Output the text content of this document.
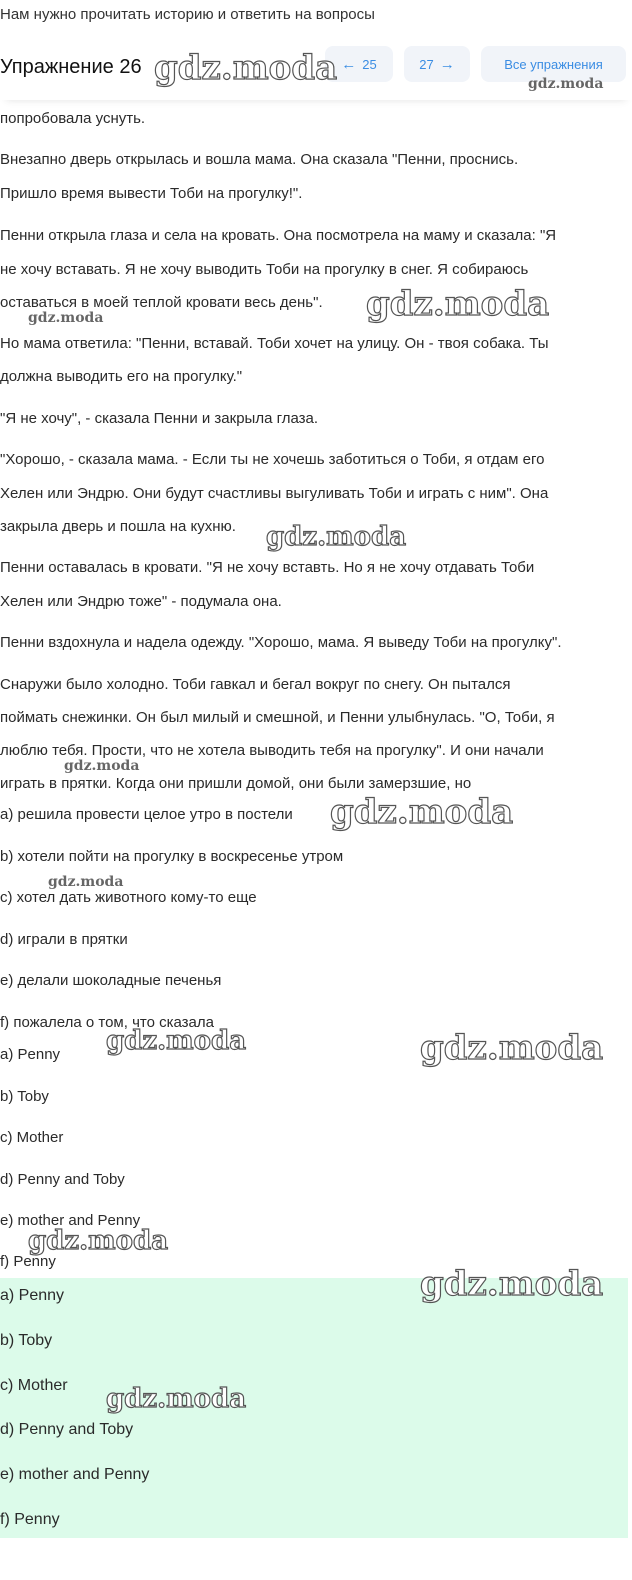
Нам нужно прочитать историю и ответить на вопросы
Упражнение 26	← 25	27 →	Все упражнения
попробовала уснуть.
Внезапно дверь открылась и вошла мама. Она сказала "Пенни, проснись.
Пришло время вывести Тоби на прогулку!".
Пенни открыла глаза и села на кровать. Она посмотрела на маму и сказала: "Я
не хочу вставать. Я не хочу выводить Тоби на прогулку в снег. Я собираюсь
оставаться в моей теплой кровати весь день".
Но мама ответила: "Пенни, вставай. Тоби хочет на улицу. Он - твоя собака. Ты
должна выводить его на прогулку."
"Я не хочу", - сказала Пенни и закрыла глаза.
"Хорошо, - сказала мама. - Если ты не хочешь заботиться о Тоби, я отдам его
Хелен или Эндрю. Они будут счастливы выгуливать Тоби и играть с ним". Она
закрыла дверь и пошла на кухню.
Пенни оставалась в кровати. "Я не хочу вставть. Но я не хочу отдавать Тоби
Хелен или Эндрю тоже" - подумала она.
Пенни вздохнула и надела одежду. "Хорошо, мама. Я выведу Тоби на прогулку".
Снаружи было холодно. Тоби гавкал и бегал вокруг по снегу. Он пытался
поймать снежинки. Он был милый и смешной, и Пенни улыбнулась. "О, Тоби, я
люблю тебя. Прости, что не хотела выводить тебя на прогулку". И они начали
играть в прятки. Когда они пришли домой, они были замерзшие, но
a) решила провести целое утро в постели
b) хотели пойти на прогулку в воскресенье утром
c) хотел дать животного кому-то еще
d) играли в прятки
e) делали шоколадные печенья
f) пожалела о том, что сказала
a) Penny
b) Toby
c) Mother
d) Penny and Toby
e) mother and Penny
f) Penny
a) Penny
b) Toby
c) Mother
d) Penny and Toby
e) mother and Penny
f) Penny
gdz.moda	gdz.moda
gdz.moda
gdz.moda
gdz.moda
gdz.moda
gdz.moda
gdz.moda
gdz.moda	gdz.moda
gdz.moda
gdz.moda
gdz.moda
